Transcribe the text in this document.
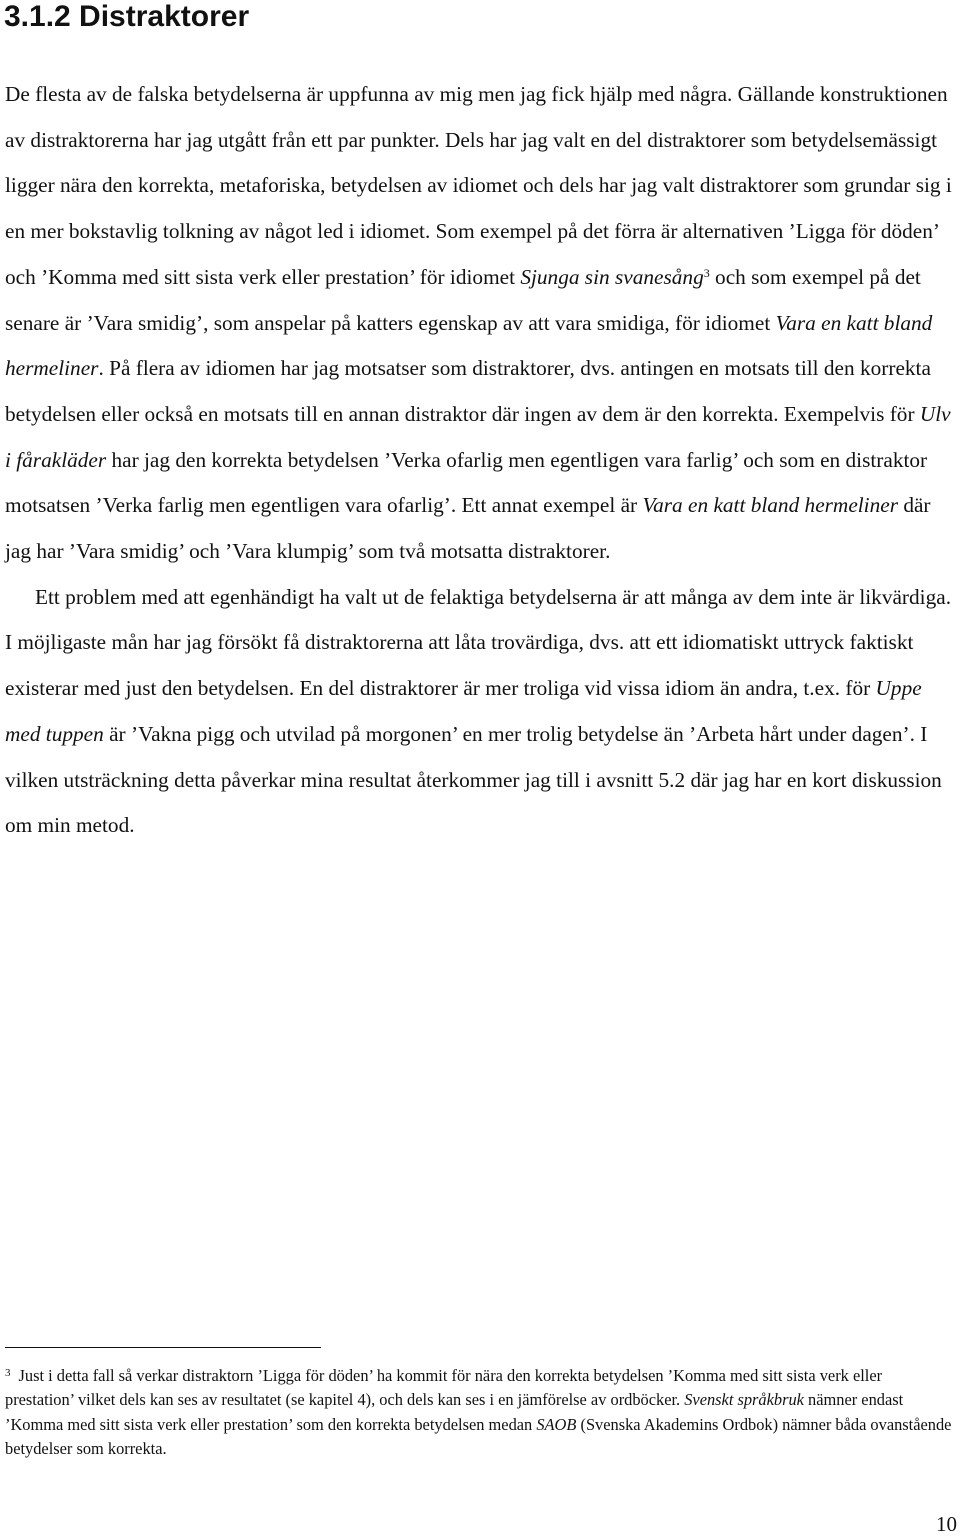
3.1.2 Distraktorer

De flesta av de falska betydelserna är uppfunna av mig men jag fick hjälp med några. Gällande konstruktionen av distraktorerna har jag utgått från ett par punkter. Dels har jag valt en del distraktorer som betydelsemässigt ligger nära den korrekta, metaforiska, betydelsen av idiomet och dels har jag valt distraktorer som grundar sig i en mer bokstavlig tolkning av något led i idiomet. Som exempel på det förra är alternativen ’Ligga för döden’ och ’Komma med sitt sista verk eller prestation’ för idiomet Sjunga sin svanesång$^3$ och som exempel på det senare är ’Vara smidig’, som anspelar på katters egenskap av att vara smidiga, för idiomet Vara en katt bland hermeliner. På flera av idiomen har jag motsatser som distraktorer, dvs. antingen en motsats till den korrekta betydelsen eller också en motsats till en annan distraktor där ingen av dem är den korrekta. Exempelvis för Ulv i fårakläder har jag den korrekta betydelsen ’Verka ofarlig men egentligen vara farlig’ och som en distraktor motsatsen ’Verka farlig men egentligen vara ofarlig’. Ett annat exempel är Vara en katt bland hermeliner där jag har ’Vara smidig’ och ’Vara klumpig’ som två motsatta distraktorer.

Ett problem med att egenhändigt ha valt ut de felaktiga betydelserna är att många av dem inte är likvärdiga. I möjligaste mån har jag försökt få distraktorerna att låta trovärdiga, dvs. att ett idiomatiskt uttryck faktiskt existerar med just den betydelsen. En del distraktorer är mer troliga vid vissa idiom än andra, t.ex. för Uppe med tuppen är ’Vakna pigg och utvilad på morgonen’ en mer trolig betydelse än ’Arbeta hårt under dagen’. I vilken utsträckning detta påverkar mina resultat återkommer jag till i avsnitt 5.2 där jag har en kort diskussion om min metod.

$^3$ Just i detta fall så verkar distraktorn ’Ligga för döden’ ha kommit för nära den korrekta betydelsen ’Komma med sitt sista verk eller prestation’ vilket dels kan ses av resultatet (se kapitel 4), och dels kan ses i en jämförelse av ordböcker. Svenskt språkbruk nämner endast ’Komma med sitt sista verk eller prestation’ som den korrekta betydelsen medan SAOB (Svenska Akademins Ordbok) nämner båda ovanstående betydelser som korrekta.

10
